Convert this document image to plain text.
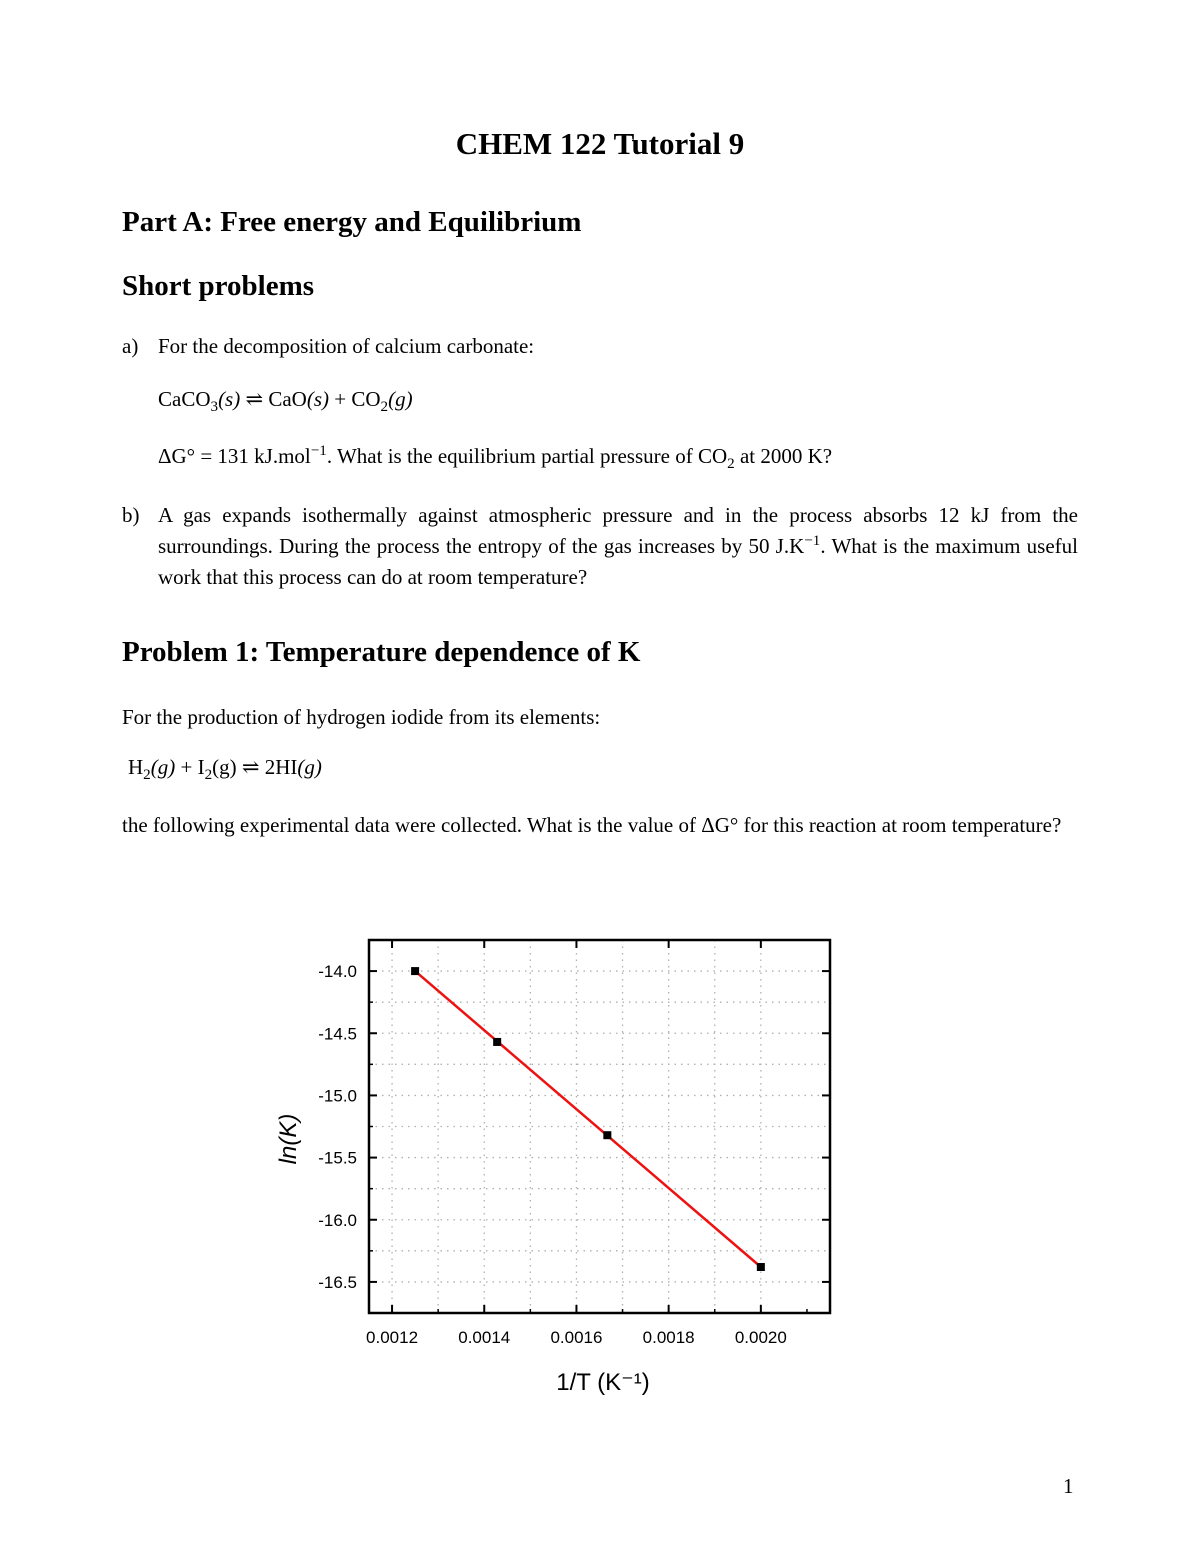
CHEM 122 Tutorial 9
Part A: Free energy and Equilibrium
Short problems
a) For the decomposition of calcium carbonate:
CaCO$_3$(s) ⇌ $CaO(s) + CO_2(g)$
ΔG° = 131 kJ.mol$^{-1}$. What is the equilibrium partial pressure of $CO_2$ at 2000 K?
b) A gas expands isothermally against atmospheric pressure and in the process absorbs 12 kJ from the surroundings. During the process the entropy of the gas increases by 50 $J.K^{-1}$. What is the maximum useful work that this process can do at room temperature?
Problem 1: Temperature dependence of K
For the production of hydrogen iodide from its elements:
$H_2(g) + I_2(g)$ ⇌ 2HI(g)
the following experimental data were collected. What is the value of ΔG° for this reaction at room temperature?
0.0012 0.0014 0.0016 0.0018 0.0020
-14.0
-14.5
-15.0
-15.5
-16.0
-16.5
1/T (K⁻¹)
ln(K)
1
